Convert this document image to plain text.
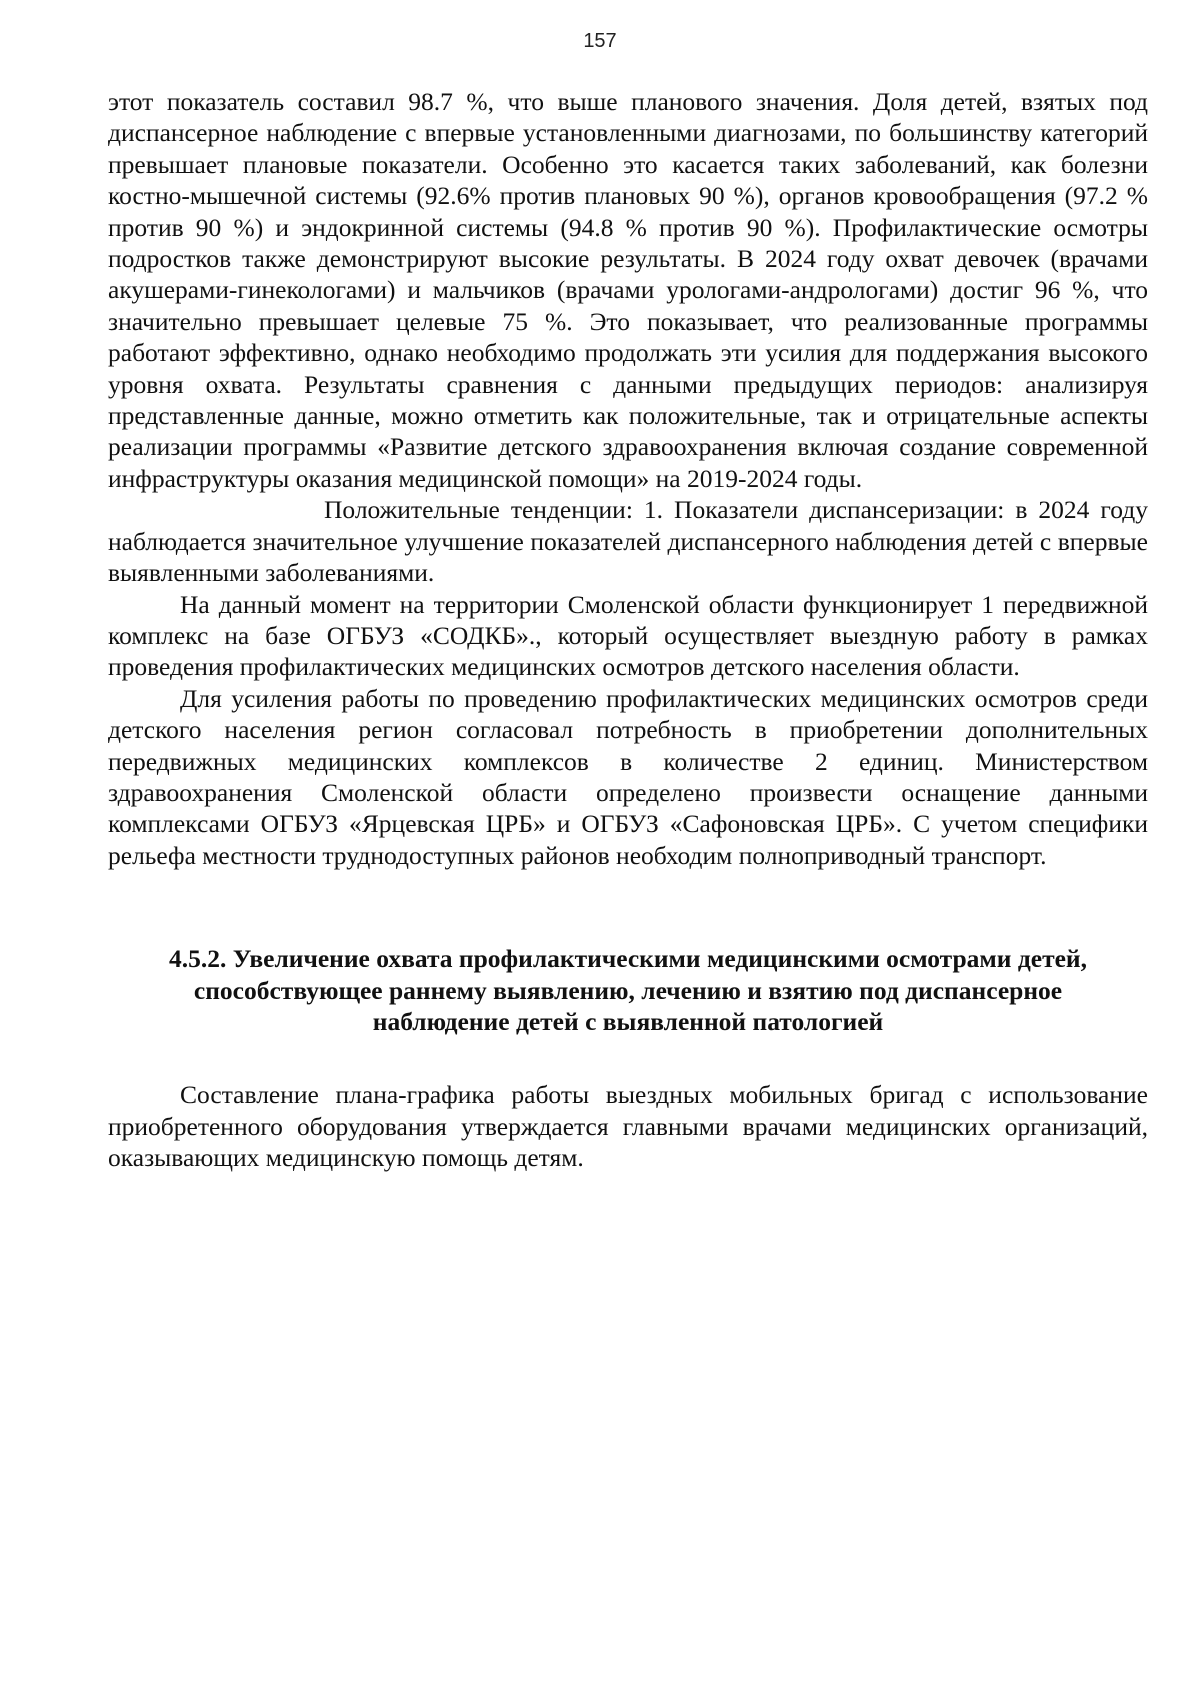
157

этот показатель составил 98.7 %, что выше планового значения. Доля детей, взятых под диспансерное наблюдение с впервые установленными диагнозами, по большинству категорий превышает плановые показатели. Особенно это касается таких заболеваний, как болезни костно-мышечной системы (92.6% против плановых 90 %), органов кровообращения (97.2 % против 90 %) и эндокринной системы (94.8 % против 90 %). Профилактические осмотры подростков также демонстрируют высокие результаты. В 2024 году охват девочек (врачами акушерами-гинекологами) и мальчиков (врачами урологами-андрологами) достиг 96 %, что значительно превышает целевые 75 %. Это показывает, что реализованные программы работают эффективно, однако необходимо продолжать эти усилия для поддержания высокого уровня охвата. Результаты сравнения с данными предыдущих периодов: анализируя представленные данные, можно отметить как положительные, так и отрицательные аспекты реализации программы «Развитие детского здравоохранения включая создание современной инфраструктуры оказания медицинской помощи» на 2019-2024 годы.

Положительные тенденции: 1. Показатели диспансеризации: в 2024 году наблюдается значительное улучшение показателей диспансерного наблюдения детей с впервые выявленными заболеваниями.

На данный момент на территории Смоленской области функционирует 1 передвижной комплекс на базе ОГБУЗ «СОДКБ»., который осуществляет выездную работу в рамках проведения профилактических медицинских осмотров детского населения области.

Для усиления работы по проведению профилактических медицинских осмотров среди детского населения регион согласовал потребность в приобретении дополнительных передвижных медицинских комплексов в количестве 2 единиц. Министерством здравоохранения Смоленской области определено произвести оснащение данными комплексами ОГБУЗ «Ярцевская ЦРБ» и ОГБУЗ «Сафоновская ЦРБ». С учетом специфики рельефа местности труднодоступных районов необходим полноприводный транспорт.

4.5.2. Увеличение охвата профилактическими медицинскими осмотрами детей, способствующее раннему выявлению, лечению и взятию под диспансерное наблюдение детей с выявленной патологией

Составление плана-графика работы выездных мобильных бригад с использование приобретенного оборудования утверждается главными врачами медицинских организаций, оказывающих медицинскую помощь детям.
